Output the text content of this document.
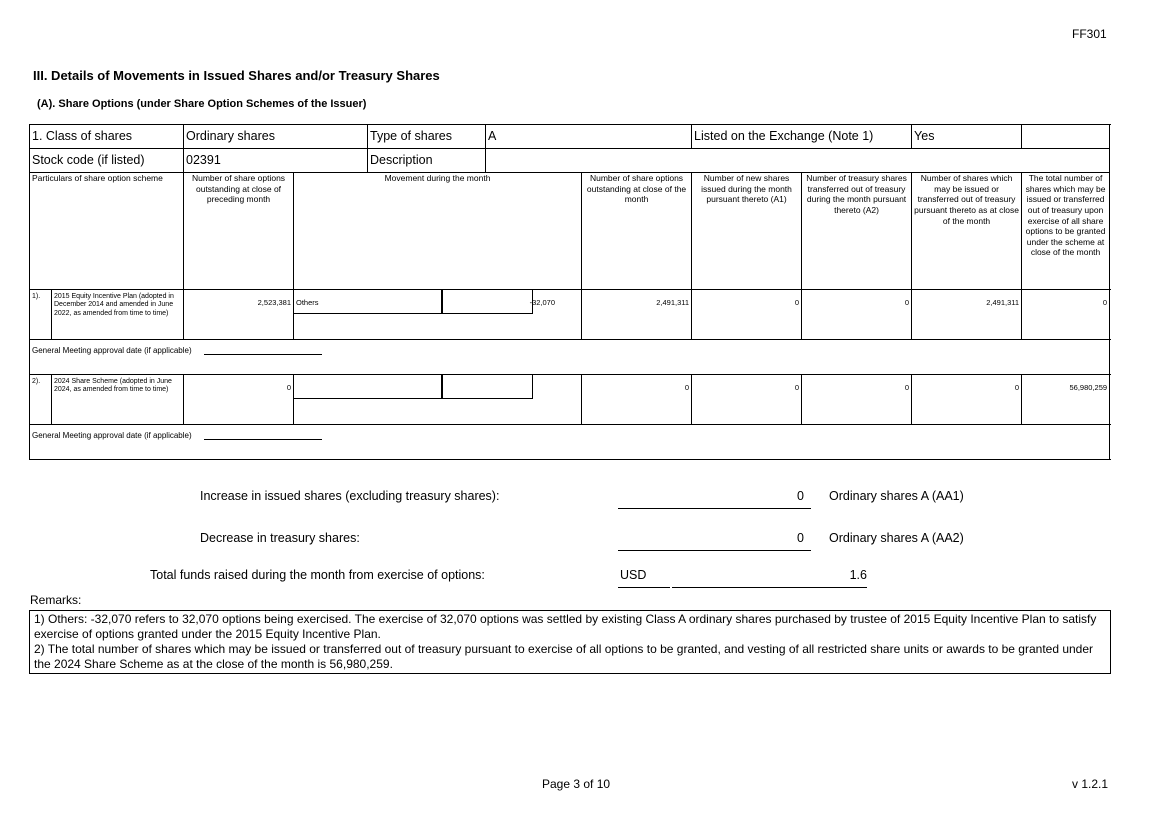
FF301
III. Details of Movements in Issued Shares and/or Treasury Shares
(A). Share Options (under Share Option Schemes of the Issuer)
1. Class of shares		Ordinary shares		Type of shares	A		Listed on the Exchange (Note 1)		Yes		
Stock code (if listed)		02391		Description							
Particulars of share option scheme		Number of share options outstanding at close of preceding month	Movement during the month			Number of share options outstanding at close of the month	Number of new shares issued during the month pursuant thereto (A1)	Number of treasury shares transferred out of treasury during the month pursuant thereto (A2)	Number of shares which may be issued or transferred out of treasury pursuant thereto as at close of the month	The total number of shares which may be issued or transferred out of treasury upon exercise of all share options to be granted under the scheme at close of the month	
1).	2015 Equity Incentive Plan (adopted in December 2014 and amended in June 2022, as amended from time to time)	2,523,381	Others -32,070			2,491,311	0	0	2,491,311	0	
General Meeting approval date (if applicable)											
2).	2024 Share Scheme (adopted in June 2024, as amended from time to time)	0				0	0	0	0	56,980,259	
General Meeting approval date (if applicable)											
Increase in issued shares (excluding treasury shares):	0	Ordinary shares A (AA1)
Decrease in treasury shares:	0	Ordinary shares A (AA2)
Total funds raised during the month from exercise of options:	USD	1.6
Remarks:
1) Others: -32,070 refers to 32,070 options being exercised. The exercise of 32,070 options was settled by existing Class A ordinary shares purchased by trustee of 2015 Equity Incentive Plan to satisfy exercise of options granted under the 2015 Equity Incentive Plan.
2) The total number of shares which may be issued or transferred out of treasury pursuant to exercise of all options to be granted, and vesting of all restricted share units or awards to be granted under the 2024 Share Scheme as at the close of the month is 56,980,259.
Page 3 of 10	v 1.2.1
